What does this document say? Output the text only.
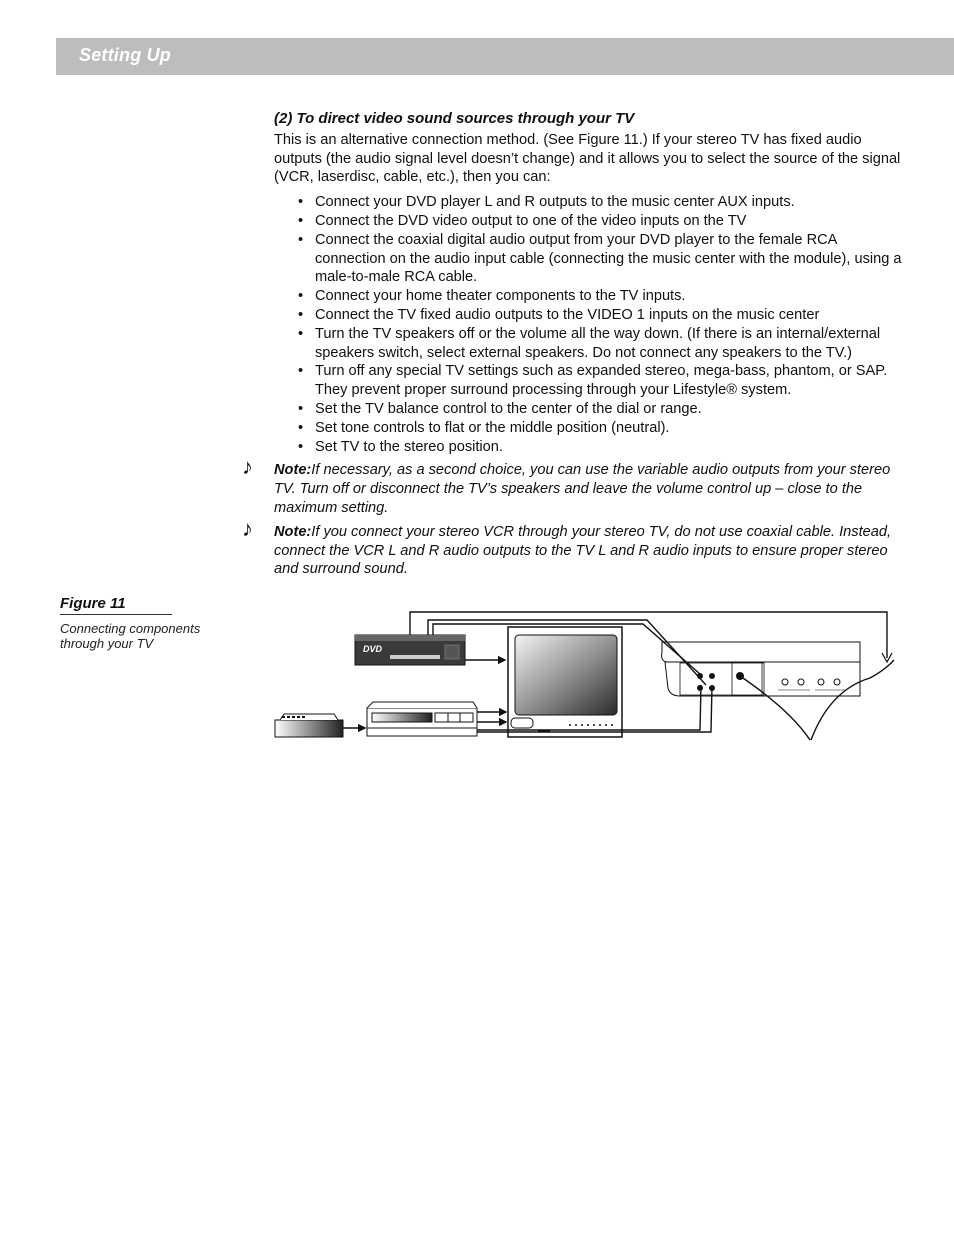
Setting Up
(2) To direct video sound sources through your TV

This is an alternative connection method. (See Figure 11.) If your stereo TV has fixed audio outputs (the audio signal level doesn’t change) and it allows you to select the source of the signal (VCR, laserdisc, cable, etc.), then you can:

• Connect your DVD player L and R outputs to the music center AUX inputs.
• Connect the DVD video output to one of the video inputs on the TV
• Connect the coaxial digital audio output from your DVD player to the female RCA connection on the audio input cable (connecting the music center with the module), using a male-to-male RCA cable.
• Connect your home theater components to the TV inputs.
• Connect the TV fixed audio outputs to the VIDEO 1 inputs on the music center
• Turn the TV speakers off or the volume all the way down. (If there is an internal/external speakers switch, select external speakers. Do not connect any speakers to the TV.)
• Turn off any special TV settings such as expanded stereo, mega-bass, phantom, or SAP. They prevent proper surround processing through your Lifestyle® system.
• Set the TV balance control to the center of the dial or range.
• Set tone controls to flat or the middle position (neutral).
• Set TV to the stereo position.
♪ Note:If necessary, as a second choice, you can use the variable audio outputs from your stereo TV. Turn off or disconnect the TV’s speakers and leave the volume control up – close to the maximum setting.
♪ Note:If you connect your stereo VCR through your stereo TV, do not use coaxial cable. Instead, connect the VCR L and R audio outputs to the TV L and R audio inputs to ensure proper stereo and surround sound.
Figure 11
Connecting components through your TV	DVD
